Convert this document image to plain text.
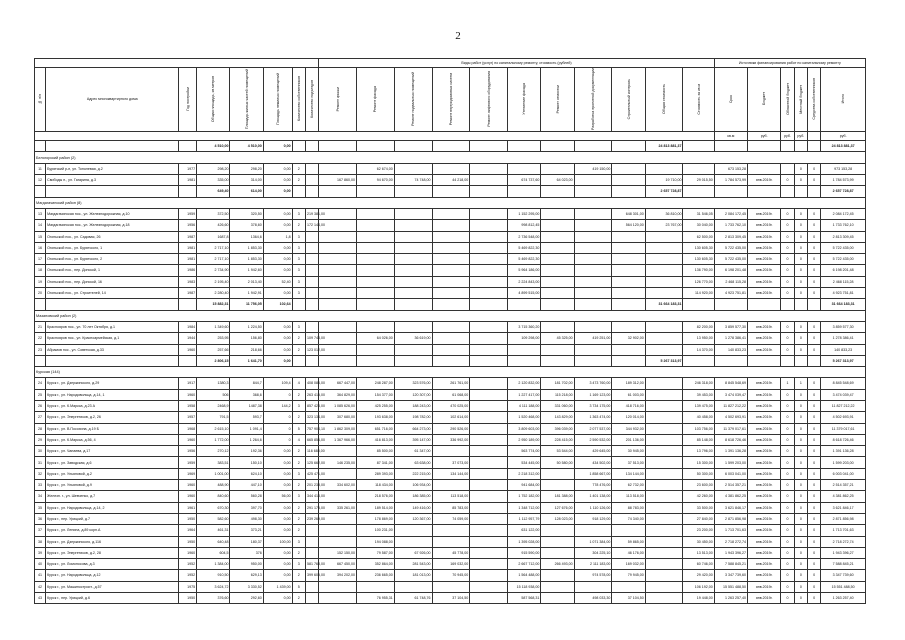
2
								Виды работ (услуг) по капитальному ремонту, стоимость (рублей)											Источники финансирования работ по капитальному ремонту					
№ п/п	Адрес многоквартирного дома	Год постройки	Общая площадь, кв.метров	Площадь жилых частей помещений	Площадь нежилых помещений	Количество собственников	Количество подъездов	Ремонт крыши	Ремонт фасада	Ремонт подвальных помещений	Ремонт внутридомовых систем	Ремонт лифтового оборудования	Утепление фасада	Ремонт отмостки	Разработка проектной документации	Строительный контроль	Общая стоимость	Стоимость за кв.м	Срок	Бюджет	Областной бюджет	Местный бюджет	Средства собственников	Итого
																			кв.м	руб.	руб.	руб.		руб.
			4 510,00	4 510,00	0,00												24 813 881,37							24 813 881,37
Белогорский район (2)																								
11	Бурятский р-н, ул. Тополевая, д.2	1977	298,20	298,20	0,00	2			62 674,00						419 150,00				673 153,28			0	0	973 153,28
12	Свободы п., ул. Гагарина, д.3	1981	335,00	314,00	0,00	2		167 860,00	94 670,00	74 748,00	44 218,00		674 737,60	64 023,00			19 710,00	29 015,50	1 784 573,99	янв.2019г.	0	0	0	1 784 573,99
			649,40	614,00	0,00												2 657 728,87							2 657 728,87
Магдагачинский район (8)																								
13	Магдагачинская пос., ул. Железнодорожная, д.10	1959	372,50	320,50	0,00	3	219 381,00						1 152 295,00			648 301,00	36 810,00	31 546,05	2 084 172,45	янв.2019г.	0	0	0	2 084 172,45
14	Магдагачинская пос., ул. Железнодорожная, д.18	1956	426,60	378,60	0,00	2	172 144,00						998 812,45			564 120,00	23 767,00	30 040,00	1 733 762,10	янв.2019г.	0	0	0	1 733 762,10
15	Огоньской пос., ул. Садовая, 26	1987	1687,8	1364,6	1,8	3							2 736 548,00					62 500,00	2 813 309,45	янв.2019г.	0	0	0	2 813 309,45
16	Огоньской пос., ул. Бурятского, 1	1981	2 717,10	1 853,30	0,00	3							5 469 822,30					130 605,30	5 722 435,00	янв.2019г.	0	0	0	5 722 435,00
17	Огоньской пос., ул. Бурятского, 2	1981	2 717,10	1 853,30	0,00	3							5 469 822,30					130 605,30	5 722 435,00	янв.2019г.	0	0	0	5 722 435,00
18	Огоньской пос., пер. Донской, 1	1986	2 734,90	1 942,60	0,00	3							5 964 186,00					136 790,00	6 198 201,48	янв.2019г.	0	0	0	6 198 201,48
19	Огоньской пос., пер. Донской, 16	1983	2 195,40	2 013,40	52,40	3							2 224 843,00					126 770,00	2 468 115,28	янв.2019г.	0	0	0	2 468 115,28
20	Огоньской пос., ул. Строителей, 14	1987	2 280,40	1 942,91	0,00	3							4 899 515,00					114 920,00	4 923 751,81	янв.2019г.	0	0	0	4 923 751,81
			15 882,31	11 756,05	102,64												31 664 183,31							31 664 183,31
Мазановский район (2)																								
21	Краснояров пос., ул. 70 лет Октября, д.1	1984	1 349,60	1 224,50	0,00	3							3 715 360,20					82 200,00	3 859 577,30	янв.2019г.	0	0	0	3 859 577,30
22	Краснояров пос., ул. Красноармейская, д.1	1944	253,95	156,80	0,00	2	109 743,00		64 026,00	36 619,00			109 298,00	45 325,00	419 251,00	32 902,00		13 950,00	1 278 386,41	янв.2019г.	0	0	0	1 278 386,41
23	Абрамов пос., ул. Советская, д.33	1960	257,66	218,66	0,00	2	123 012,00											14 370,00	140 833,23	янв.2019г.	0	0	0	140 833,23
			2 806,15	1 641,70	0,00												5 267 313,97							5 267 313,97
Курская (144)																								
24	Курск г., ул. Дзержинского, д.29	1917	1380,3	844,7	109,4	4	408 086,00	667 447,00	248 287,00	323 576,00	261 761,00		2 120 832,00	181 702,00	3 473 760,00	189 312,00		246 318,00	8 845 548,69	янв.2019г.	1	1	0	8 845 548,69
25	Курск г., ул. Народовольца, д.14, 1	1960	506	368,6	0	2	263 415,00	364 829,00	154 377,00	120 307,00	61 068,00		1 227 417,00	115 218,00	1 169 123,00	61 003,00		39 453,00	3 474 039,47	янв.2019г.	0	0	0	3 474 039,47
26	Курск г., ул. К.Маркса, д.23 А	1958	2468,9	1487,38	144,2	3	857 423,00	1 085 626,00	425 255,00	188 243,00	470 025,00		4 111 188,00	331 060,00	3 734 175,00	418 716,00		139 475,00	11 827 212,22	янв.2019г.	0	0	0	11 827 212,22
27	Курск г., ул. Энергетиков, д.2, 26	1957	791,5	593,7	0	2	323 134,00	307 680,00	193 638,00	198 782,00	102 614,00		1 520 468,00	143 829,00	1 363 474,00	120 014,00		40 458,00	4 502 693,91	янв.2019г.	0	0	0	4 502 693,91
28	Курск г., ул. В.Посохина, д.19 Б	1968	2 615,10	1 091,4	0	5	757 904,10	1 862 309,00	651 716,00	664 273,00	290 526,00		3 809 603,00	396 039,00	2 077 537,00	344 932,00		103 756,00	11 379 017,61	янв.2019г.	0	0	0	11 379 017,61
29	Курск г., ул. К.Маркса, д.56, 4	1960	1 772,00	1 264,6	0	4	665 856,00	1 367 966,00	416 813,00	395 147,00	336 992,00		2 950 189,00	228 415,00	2 590 532,00	201 136,00		85 148,00	8 618 726,46	янв.2019г.	0	0	0	8 618 726,46
30	Курск г., ул. Чапаева, д.17	1956	270,12	192,36	0,00	2	116 688,00		85 500,00	61 347,00			563 774,00	53 544,00	429 645,00	30 945,00		13 796,00	1 391 136,28	янв.2019г.	0	0	0	1 391 136,28
31	Курск г., ул. Заводская, д.6	1959	383,51	150,10	0,00	2	125 662,00	146 235,00	87 341,00	63 638,00	37 073,00		534 445,00	50 580,00	434 502,00	37 513,00		15 300,00	1 599 203,00	янв.2019г.	0	0	0	1 599 203,00
32	Курск г., ул. Ульяновой, д.2	1969	1 001,00	624,10	0,00	3	425 471,00		289 393,00	222 215,00	134 144,00		2 218 312,00		1 858 667,00	134 144,00		50 300,00	6 003 041,00	янв.2019г.	0	0	0	6 003 041,00
33	Курск г., ул. Ульяновой, д.9	1960	488,90	447,10	0,00	2	201 238,00	334 602,00	118 434,00	106 934,00			941 684,00		778 476,00	62 732,00		23 600,00	2 514 357,21	янв.2019г.	0	0	0	2 514 357,21
34	Железн. г., ул. Шевченко, д.7	1960	840,60	560,28	56,00	3	344 413,00		218 576,00	186 385,00	113 518,00		1 752 182,00	181 388,00	1 401 138,00	113 518,00		42 260,00	4 381 862,25	янв.2019г.	0	0	0	4 381 862,25
35	Курск г., ул. Народовольца, д.14, 2	1961	670,30	397,70	0,00	2	291 175,00	335 261,00	189 514,00	149 416,00	85 783,00		1 348 712,00	127 676,00	1 110 126,00	88 783,00		33 500,00	3 621 846,17	янв.2019г.	0	0	0	3 621 846,17
36	Курск г., пер. Урицкий, д.7	1950	582,60	498,30	0,00	2	239 269,00		178 869,00	120 367,00	74 059,00		1 112 957,79	128 023,00	918 129,00	74 340,00		27 840,00	2 871 856,98	янв.2019г.	0	0	0	2 871 856,98
37	Курск г., ул. Ленина, д.89 корп.А	1964	461,31	373,21	0,00	2			100 231,00				631 122,00					23 200,00	1 713 701,63	янв.2019г.	0	0	0	1 713 701,63
38	Курск г., ул. Дзержинского, д.116	1950	640,48	180,37	100,00	3			194 088,00				1 395 028,00		1 071 384,00	59 865,00		30 450,00	2 718 272,74	янв.2019г.	0	0	0	2 718 272,74
39	Курск г., ул. Энергетиков, д.2, 28	1960	604,5	376	0,00	2		152 150,00	79 587,00	67 926,00	45 778,00		915 590,00		304 225,10	46 176,00		13 513,00	1 943 396,27	янв.2019г.	0	0	0	1 943 396,27
40	Курск г., ул. Ломоносова, д.3	1952	1 384,00	950,00	0,00	3	581 768,00	667 450,00	352 864,00	281 543,00	169 032,00		2 667 712,00	266 493,00	2 111 183,00	169 032,00		60 746,00	7 588 845,21	янв.2019г.	0	0	0	7 588 845,21
41	Курск г., ул. Народовольца, д.12	1952	910,50	629,13	0,00	2	399 605,00	394 202,00	236 665,00	181 013,00	70 945,00		1 564 488,00		974 578,00	79 945,00		29 420,00	3 347 739,60	янв.2019г.	0	0	0	3 347 739,60
42	Курск г., ул. Машиностроит., д.57	1975	3 624,72	3 330,52	1 439,00	5							15 118 938,00					106 192,00	15 551 488,50	янв.2019г.	0	0	0	15 551 488,50
43	Курск г., пер. Урицкий, д.6	1950	376,60	292,60	0,00	2			76 955,31	61 748,76	37 104,50		587 568,31		498 033,30	37 104,50		19 448,00	1 263 257,40	янв.2019г.	0	0	0	1 263 257,40
